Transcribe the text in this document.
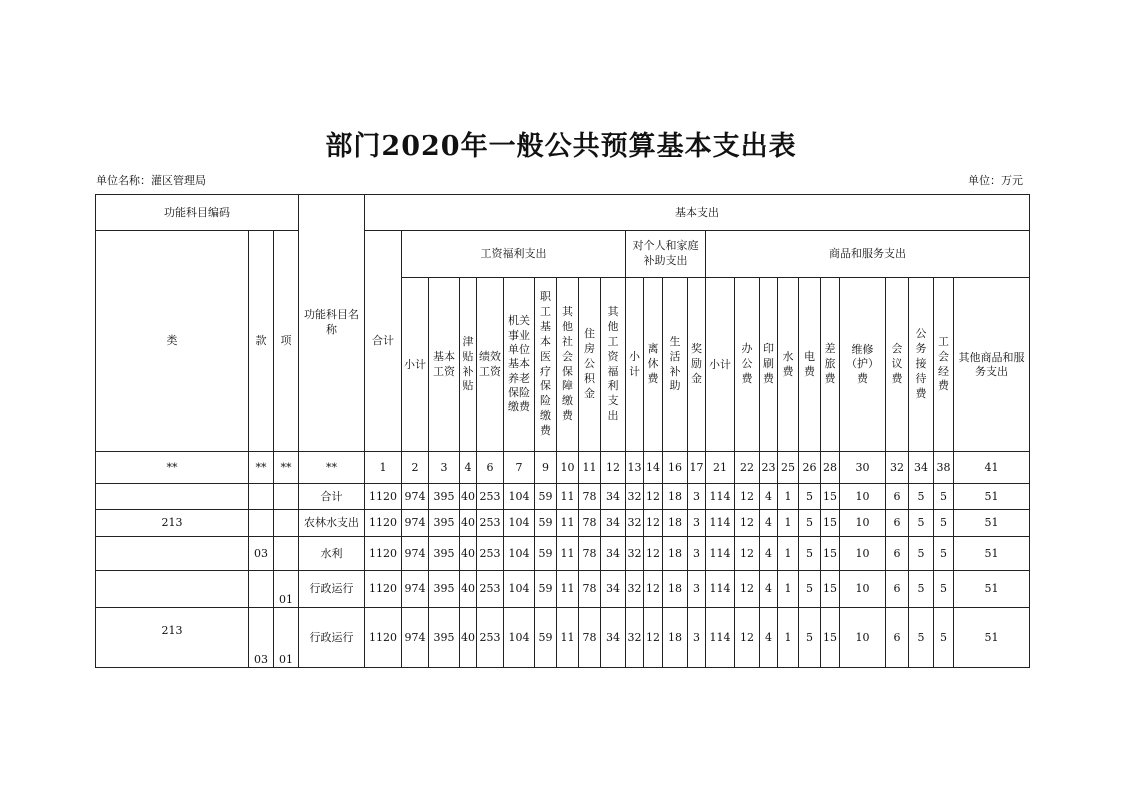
部门2020年一般公共预算基本支出表
单位名称：灌区管理局	单位：万元
功能科目编码			功能科目名称	基本支出																								
类	款	项		合计	工资福利支出									对个人和家庭补助支出				商品和服务支出										
					小计	基本工资	津贴补贴	绩效工资	机关事业单位基本养老保险缴费	职工基本医疗保险缴费	其他社会保障缴费	住房公积金	其他工资福利支出	小计	离休费	生活补助	奖励金	小计	办公费	印刷费	水费	电费	差旅费	维修（护）费	会议费	公务接待费	工会经费	其他商品和服务支出
**	**	**	**	1	2	3	4	6	7	9	10	11	12	13	14	16	17	21	22	23	25	26	28	30	32	34	38	41
			合计	1120	974	395	40	253	104	59	11	78	34	32	12	18	3	114	12	4	1	5	15	10	6	5	5	51
213			农林水支出	1120	974	395	40	253	104	59	11	78	34	32	12	18	3	114	12	4	1	5	15	10	6	5	5	51
	03		水利	1120	974	395	40	253	104	59	11	78	34	32	12	18	3	114	12	4	1	5	15	10	6	5	5	51
		01	行政运行	1120	974	395	40	253	104	59	11	78	34	32	12	18	3	114	12	4	1	5	15	10	6	5	5	51
213	03	01	行政运行	1120	974	395	40	253	104	59	11	78	34	32	12	18	3	114	12	4	1	5	15	10	6	5	5	51
